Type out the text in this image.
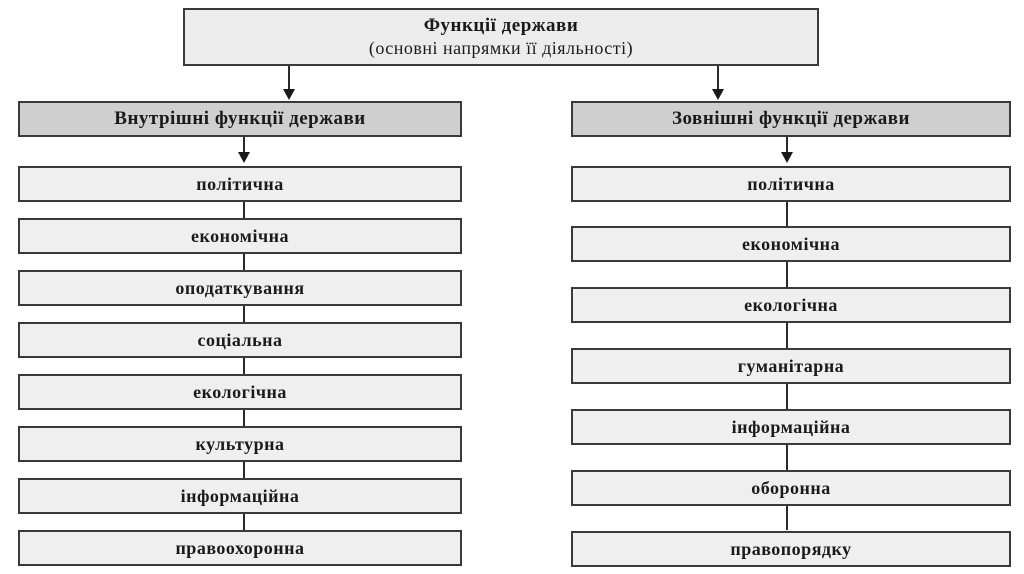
Функції держави
(основні напрямки її діяльності)
Внутрішні функції держави	Зовнішні функції держави
політична
економічна
оподаткування
соціальна
екологічна
культурна
інформаційна
правоохоронна
політична
економічна
екологічна
гуманітарна
інформаційна
оборонна
правопорядку
